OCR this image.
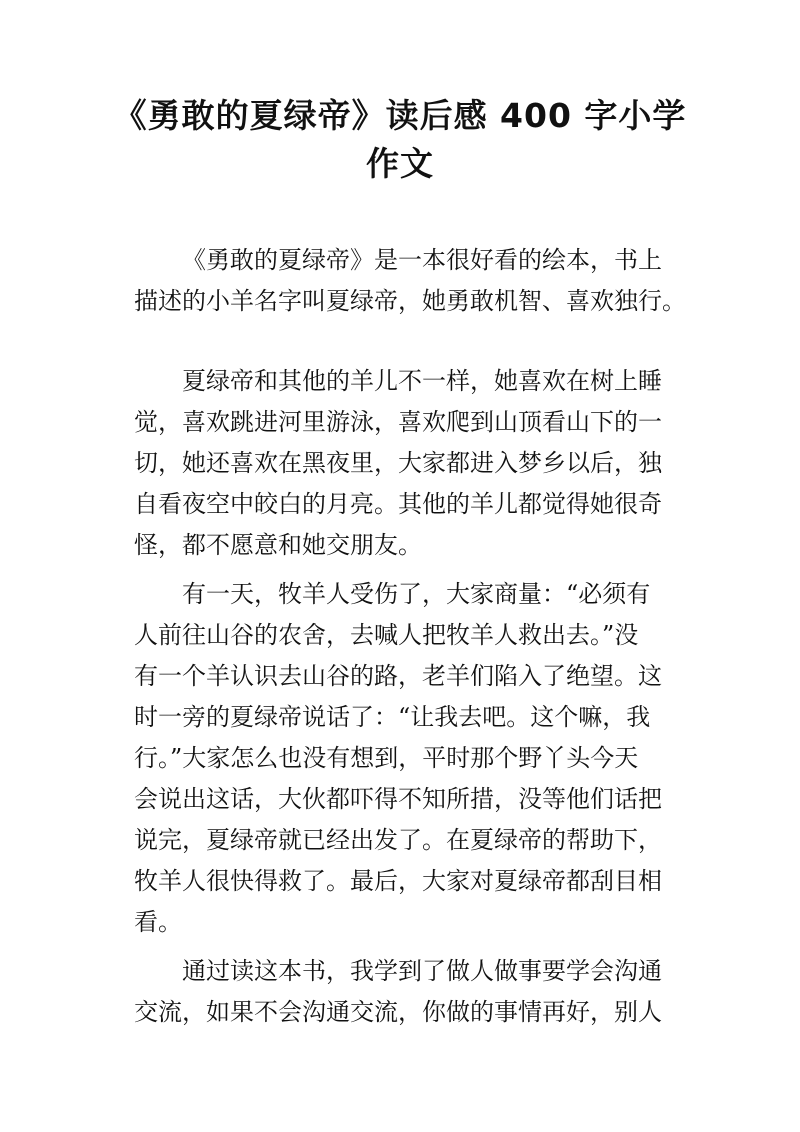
《勇敢的夏绿帝》读后感 400 字小学
作文
《勇敢的夏绿帝》是一本很好看的绘本，书上
描述的小羊名字叫夏绿帝，她勇敢机智、喜欢独行。
夏绿帝和其他的羊儿不一样，她喜欢在树上睡
觉，喜欢跳进河里游泳，喜欢爬到山顶看山下的一
切，她还喜欢在黑夜里，大家都进入梦乡以后，独
自看夜空中皎白的月亮。其他的羊儿都觉得她很奇
怪，都不愿意和她交朋友。
有一天，牧羊人受伤了，大家商量：“必须有
人前往山谷的农舍，去喊人把牧羊人救出去。”没
有一个羊认识去山谷的路，老羊们陷入了绝望。这
时一旁的夏绿帝说话了：“让我去吧。这个嘛，我
行。”大家怎么也没有想到，平时那个野丫头今天
会说出这话，大伙都吓得不知所措，没等他们话把
说完，夏绿帝就已经出发了。在夏绿帝的帮助下，
牧羊人很快得救了。最后，大家对夏绿帝都刮目相
看。
通过读这本书，我学到了做人做事要学会沟通
交流，如果不会沟通交流，你做的事情再好，别人
